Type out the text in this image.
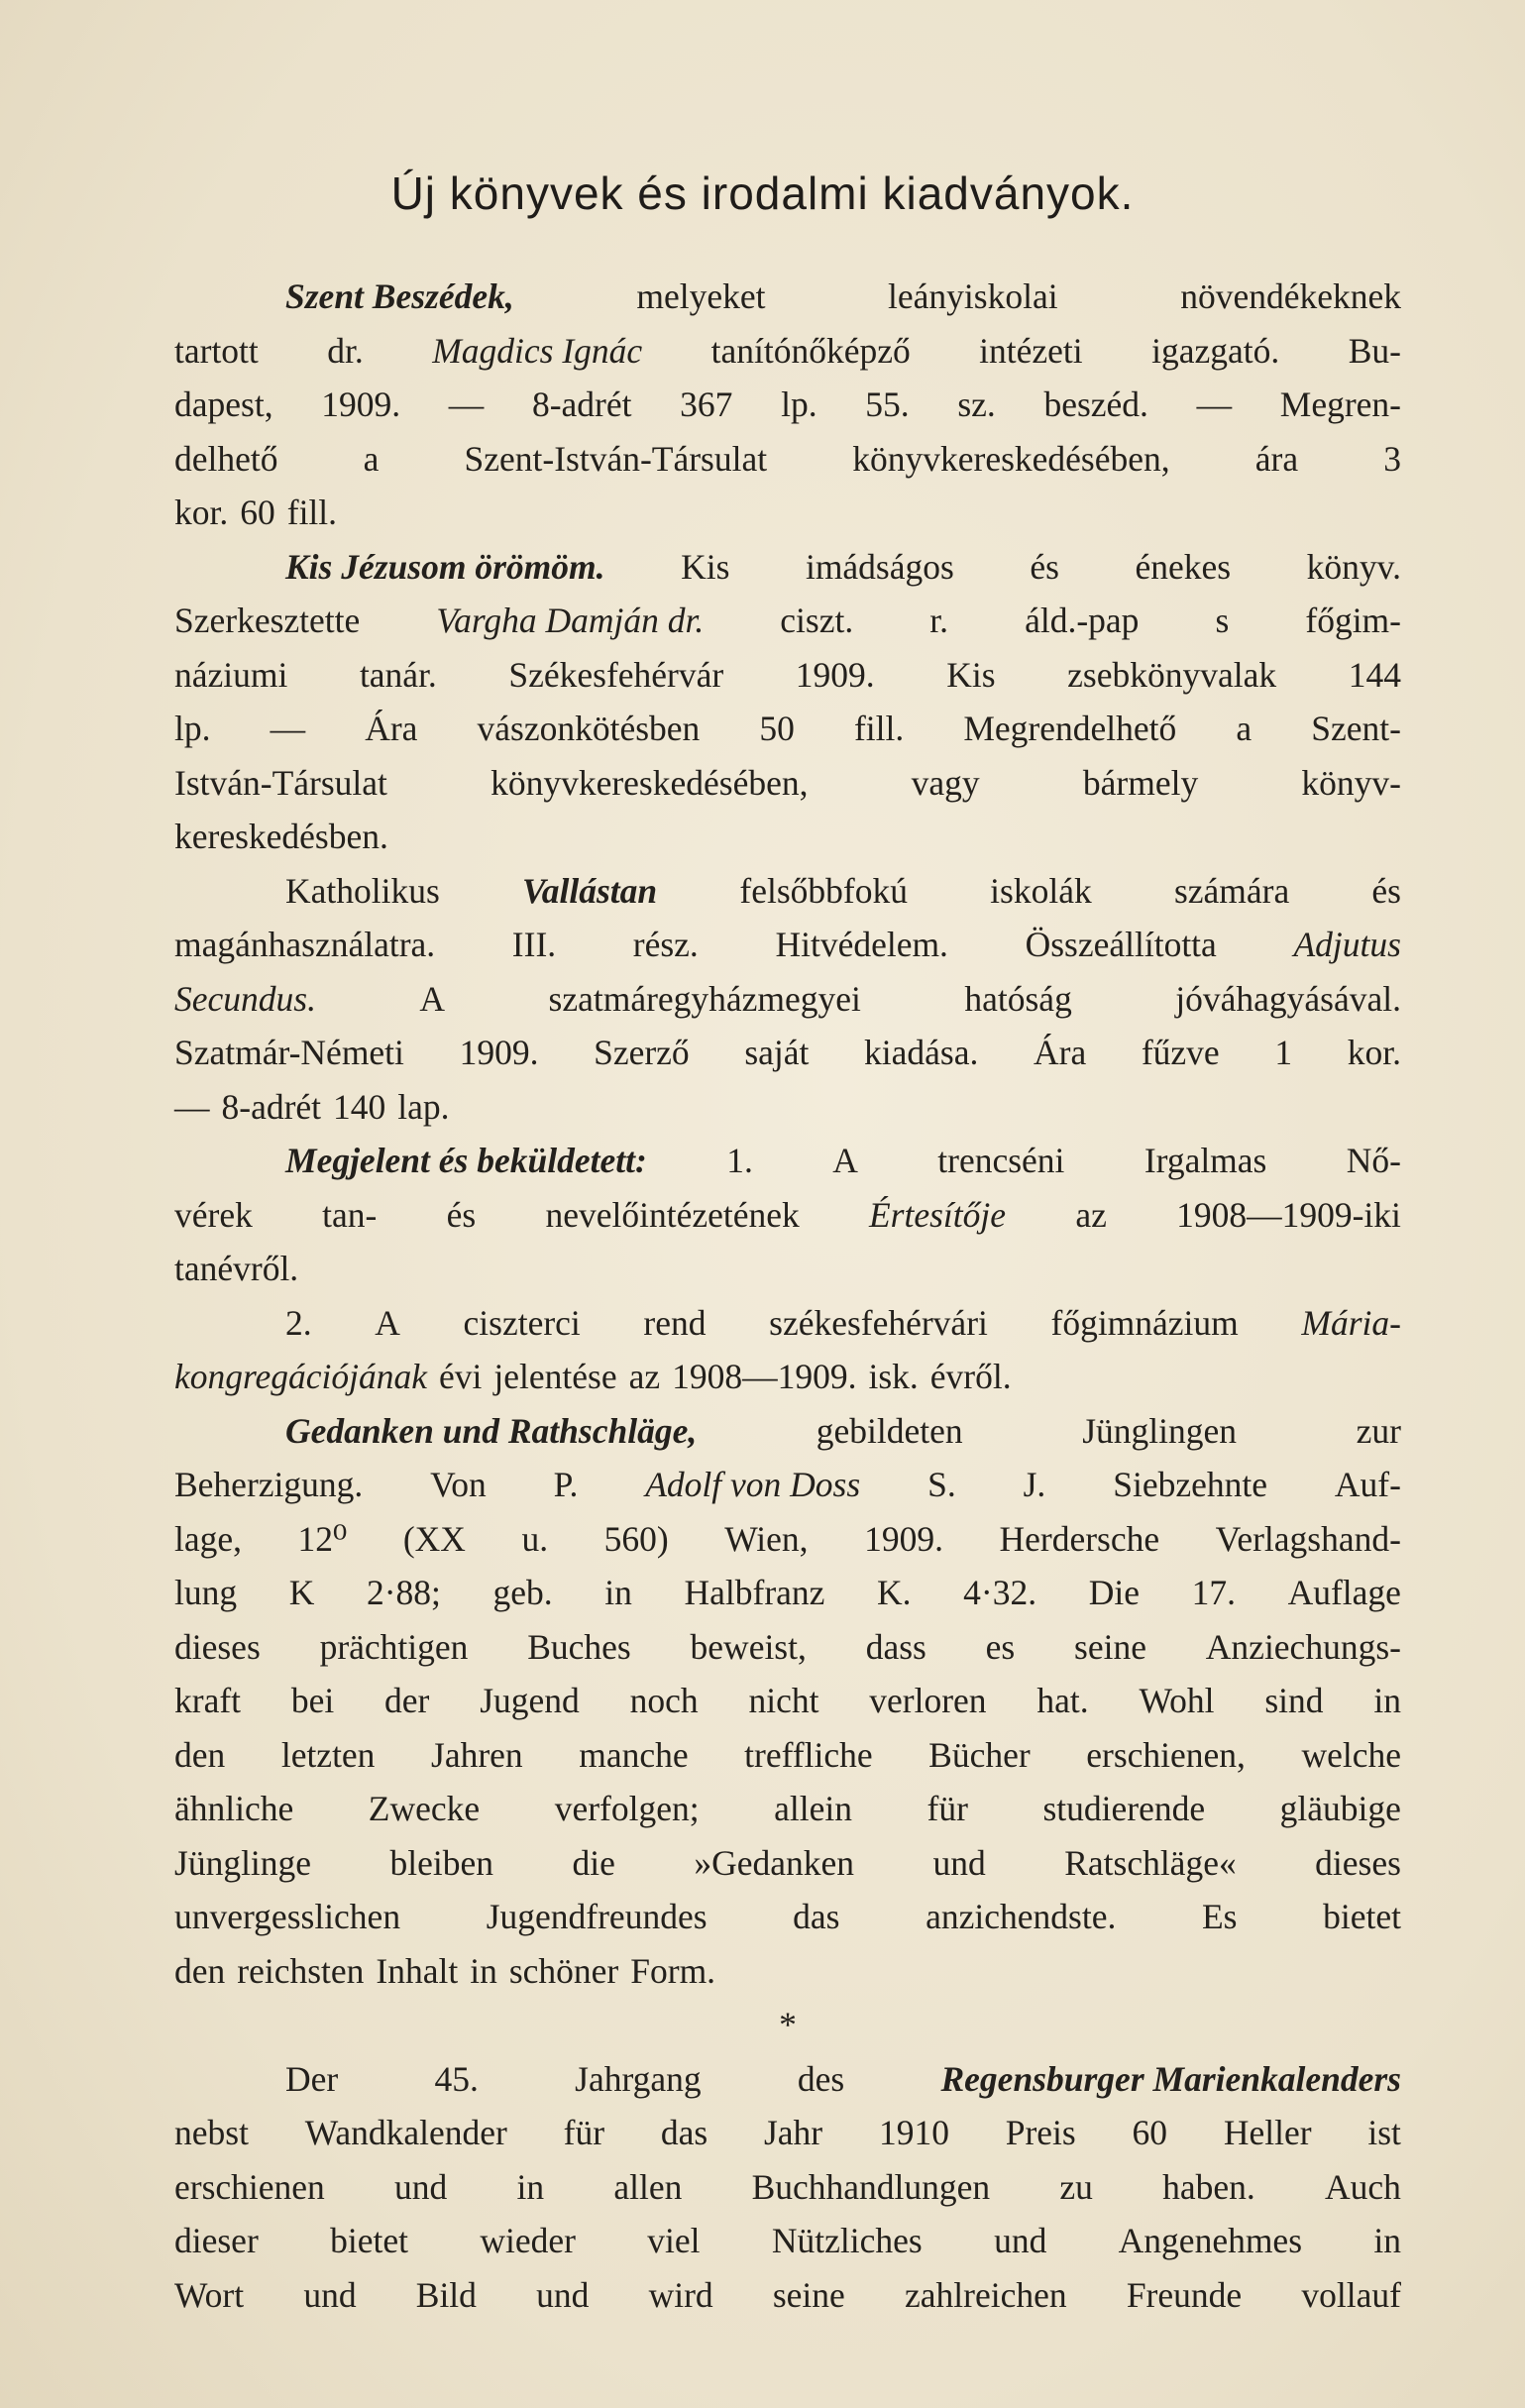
Új könyvek és irodalmi kiadványok.
Szent Beszédek,	melyeket	leányiskolai	növendékeknek
tartott dr. Magdics Ignác tanítónőképző intézeti igazgató. Bu-
dapest, 1909. — 8-adrét 367 lp. 55. sz. beszéd. — Megren-
delhető a Szent-István-Társulat könyvkereskedésében, ára 3
kor. 60 fill.
Kis Jézusom örömöm. Kis imádságos és énekes könyv.
Szerkesztette Vargha Damján dr. ciszt. r. áld.-pap s főgim-
náziumi tanár. Székesfehérvár 1909. Kis zsebkönyvalak 144
lp. — Ára vászonkötésben 50 fill. Megrendelhető a Szent-
István-Társulat	könyvkereskedésében,	vagy	bármely	könyv-
kereskedésben.
Katholikus Vallástan felsőbbfokú iskolák számára és
magánhasználatra. III. rész. Hitvédelem. Összeállította Adjutus
Secundus.	A	szatmáregyházmegyei	hatóság	jóváhagyásával.
Szatmár-Németi 1909. Szerző saját kiadása. Ára fűzve 1 kor.
— 8-adrét 140 lap.
Megjelent és beküldetett: 1. A trencséni Irgalmas Nő-
vérek tan- és nevelőintézetének Értesítője az 1908—1909-iki
tanévről.
2. A ciszterci rend székesfehérvári főgimnázium Mária-
kongregációjának évi jelentése az 1908—1909. isk. évről.
Gedanken und Rathschläge,	gebildeten	Jünglingen	zur
Beherzigung. Von P. Adolf von Doss S. J. Siebzehnte Auf-
lage, 12⁰ (XX u. 560) Wien, 1909. Herdersche Verlagshand-
lung K 2·88; geb. in Halbfranz K. 4·32. Die 17. Auflage
dieses prächtigen Buches beweist, dass es seine Anziechungs-
kraft bei der Jugend noch nicht verloren hat. Wohl sind in
den letzten Jahren manche treffliche Bücher erschienen, welche
ähnliche Zwecke verfolgen; allein für studierende gläubige
Jünglinge bleiben die »Gedanken und Ratschläge« dieses
unvergesslichen Jugendfreundes das anzichendste. Es bietet
den reichsten Inhalt in schöner Form.
*
Der	45.	Jahrgang	des	Regensburger Marienkalenders
nebst Wandkalender für das Jahr 1910 Preis 60 Heller ist
erschienen und in allen Buchhandlungen zu haben. Auch
dieser bietet wieder viel Nützliches und Angenehmes in
Wort und Bild und wird seine zahlreichen Freunde vollauf
